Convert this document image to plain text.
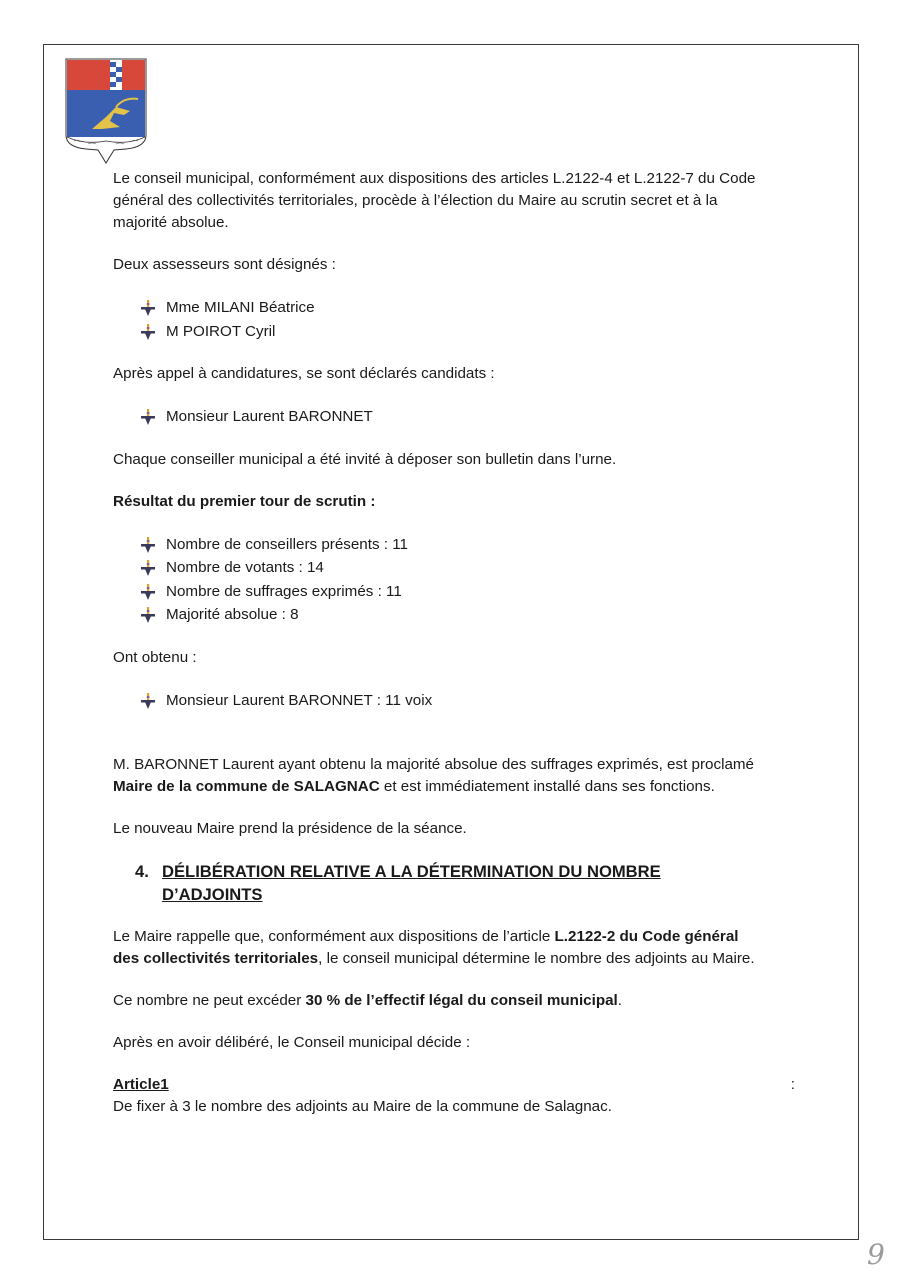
Le conseil municipal, conformément aux dispositions des articles L.2122-4 et L.2122-7 du Code

général des collectivités territoriales, procède à l’élection du Maire au scrutin secret et à la

majorité absolue.

Deux assesseurs sont désignés :

Mme MILANI Béatrice
M POIROT Cyril

Après appel à candidatures, se sont déclarés candidats :

Monsieur Laurent BARONNET

Chaque conseiller municipal a été invité à déposer son bulletin dans l’urne.

Résultat du premier tour de scrutin :

Nombre de conseillers présents : 11
Nombre de votants : 14
Nombre de suffrages exprimés : 11
Majorité absolue : 8

Ont obtenu :

Monsieur Laurent BARONNET : 11 voix

M. BARONNET Laurent ayant obtenu la majorité absolue des suffrages exprimés, est proclamé

Maire de la commune de SALAGNAC et est immédiatement installé dans ses fonctions.

Le nouveau Maire prend la présidence de la séance.

4. DÉLIBÉRATION RELATIVE A LA DÉTERMINATION DU NOMBRE
D’ADJOINTS

Le Maire rappelle que, conformément aux dispositions de l’article L.2122-2 du Code général

des collectivités territoriales, le conseil municipal détermine le nombre des adjoints au Maire.

Ce nombre ne peut excéder 30 % de l’effectif légal du conseil municipal.

Après en avoir délibéré, le Conseil municipal décide :

Article1	:

De fixer à 3 le nombre des adjoints au Maire de la commune de Salagnac.

9
